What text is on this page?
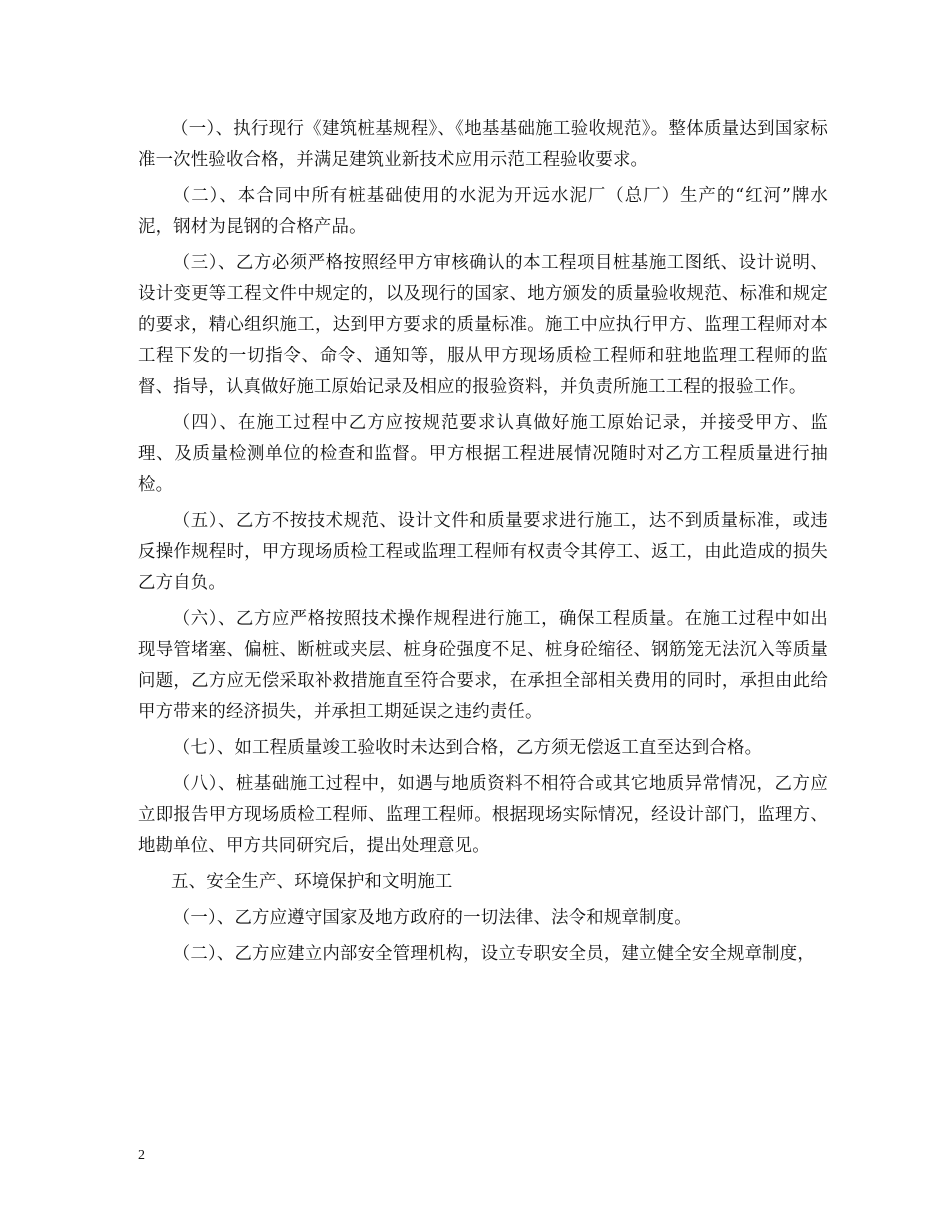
（一）、执行现行《建筑桩基规程》、《地基基础施工验收规范》。整体质量达到国家标准一次性验收合格，并满足建筑业新技术应用示范工程验收要求。

（二）、本合同中所有桩基础使用的水泥为开远水泥厂（总厂）生产的“红河”牌水泥，钢材为昆钢的合格产品。

（三）、乙方必须严格按照经甲方审核确认的本工程项目桩基施工图纸、设计说明、设计变更等工程文件中规定的，以及现行的国家、地方颁发的质量验收规范、标准和规定的要求，精心组织施工，达到甲方要求的质量标准。施工中应执行甲方、监理工程师对本工程下发的一切指令、命令、通知等，服从甲方现场质检工程师和驻地监理工程师的监督、指导，认真做好施工原始记录及相应的报验资料，并负责所施工工程的报验工作。

（四）、在施工过程中乙方应按规范要求认真做好施工原始记录，并接受甲方、监理、及质量检测单位的检查和监督。甲方根据工程进展情况随时对乙方工程质量进行抽检。

（五）、乙方不按技术规范、设计文件和质量要求进行施工，达不到质量标准，或违反操作规程时，甲方现场质检工程或监理工程师有权责令其停工、返工，由此造成的损失乙方自负。

（六）、乙方应严格按照技术操作规程进行施工，确保工程质量。在施工过程中如出现导管堵塞、偏桩、断桩或夹层、桩身砼强度不足、桩身砼缩径、钢筋笼无法沉入等质量问题，乙方应无偿采取补救措施直至符合要求，在承担全部相关费用的同时，承担由此给甲方带来的经济损失，并承担工期延误之违约责任。

（七）、如工程质量竣工验收时未达到合格，乙方须无偿返工直至达到合格。

（八）、桩基础施工过程中，如遇与地质资料不相符合或其它地质异常情况，乙方应立即报告甲方现场质检工程师、监理工程师。根据现场实际情况，经设计部门，监理方、地勘单位、甲方共同研究后，提出处理意见。

五、安全生产、环境保护和文明施工

（一）、乙方应遵守国家及地方政府的一切法律、法令和规章制度。

（二）、乙方应建立内部安全管理机构，设立专职安全员，建立健全安全规章制度，

2
